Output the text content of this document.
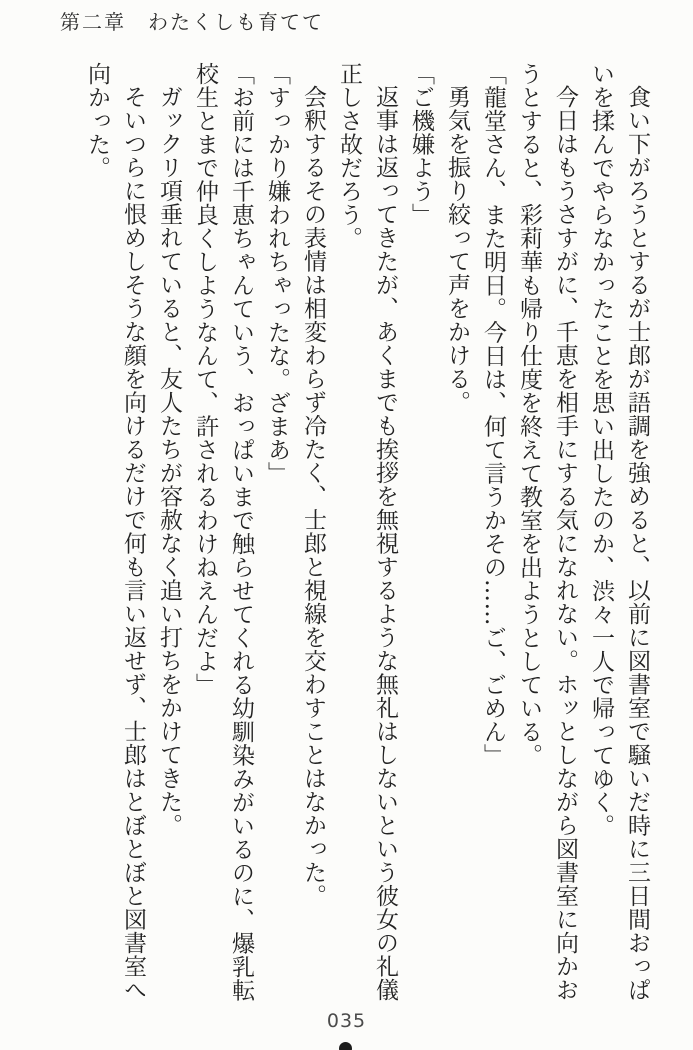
第二章　わたくしも育てて

食い下がろうとするが士郎が語調を強めると、以前に図書室で騒いだ時に三日間おっぱいを揉んでやらなかったことを思い出したのか、渋々一人で帰ってゆく。

今日はもうさすがに、千恵を相手にする気になれない。ホッとしながら図書室に向かおうとすると、彩莉華も帰り仕度を終えて教室を出ようとしている。

「龍堂さん、また明日。今日は、何て言うかその……ご、ごめん」

勇気を振り絞って声をかける。

「ご機嫌よう」

返事は返ってきたが、あくまでも挨拶を無視するような無礼はしないという彼女の礼儀正しさ故だろう。

会釈するその表情は相変わらず冷たく、士郎と視線を交わすことはなかった。

「すっかり嫌われちゃったな。ざまあ」

「お前には千恵ちゃんていう、おっぱいまで触らせてくれる幼馴染みがいるのに、爆乳転校生とまで仲良くしようなんて、許されるわけねえんだよ」

ガックリ項垂れていると、友人たちが容赦なく追い打ちをかけてきた。

そいつらに恨めしそうな顔を向けるだけで何も言い返せず、士郎はとぼとぼと図書室へ向かった。

035
